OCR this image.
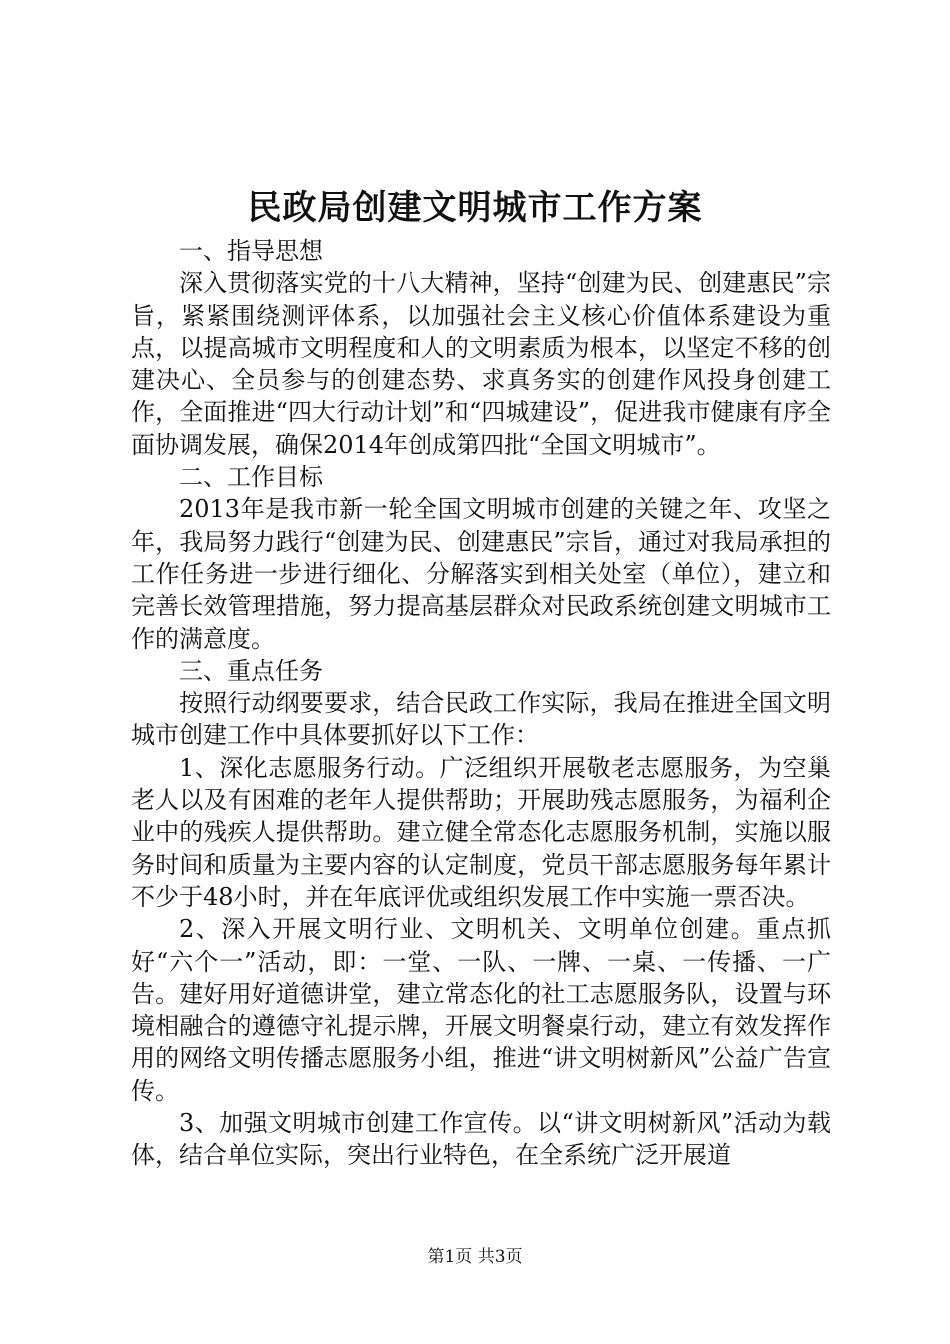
民政局创建文明城市工作方案

一、指导思想

深入贯彻落实党的十八大精神，坚持“创建为民、创建惠民”宗旨，紧紧围绕测评体系，以加强社会主义核心价值体系建设为重点，以提高城市文明程度和人的文明素质为根本，以坚定不移的创建决心、全员参与的创建态势、求真务实的创建作风投身创建工作，全面推进“四大行动计划”和“四城建设”，促进我市健康有序全面协调发展，确保2014年创成第四批“全国文明城市”。

二、工作目标

2013年是我市新一轮全国文明城市创建的关键之年、攻坚之年，我局努力践行“创建为民、创建惠民”宗旨，通过对我局承担的工作任务进一步进行细化、分解落实到相关处室（单位），建立和完善长效管理措施，努力提高基层群众对民政系统创建文明城市工作的满意度。

三、重点任务

按照行动纲要要求，结合民政工作实际，我局在推进全国文明城市创建工作中具体要抓好以下工作：

1、深化志愿服务行动。广泛组织开展敬老志愿服务，为空巢老人以及有困难的老年人提供帮助；开展助残志愿服务，为福利企业中的残疾人提供帮助。建立健全常态化志愿服务机制，实施以服务时间和质量为主要内容的认定制度，党员干部志愿服务每年累计不少于48小时，并在年底评优或组织发展工作中实施一票否决。

2、深入开展文明行业、文明机关、文明单位创建。重点抓好“六个一”活动，即：一堂、一队、一牌、一桌、一传播、一广告。建好用好道德讲堂，建立常态化的社工志愿服务队，设置与环境相融合的遵德守礼提示牌，开展文明餐桌行动，建立有效发挥作用的网络文明传播志愿服务小组，推进“讲文明树新风”公益广告宣传。

3、加强文明城市创建工作宣传。以“讲文明树新风”活动为载体，结合单位实际，突出行业特色，在全系统广泛开展道

第1页 共3页
